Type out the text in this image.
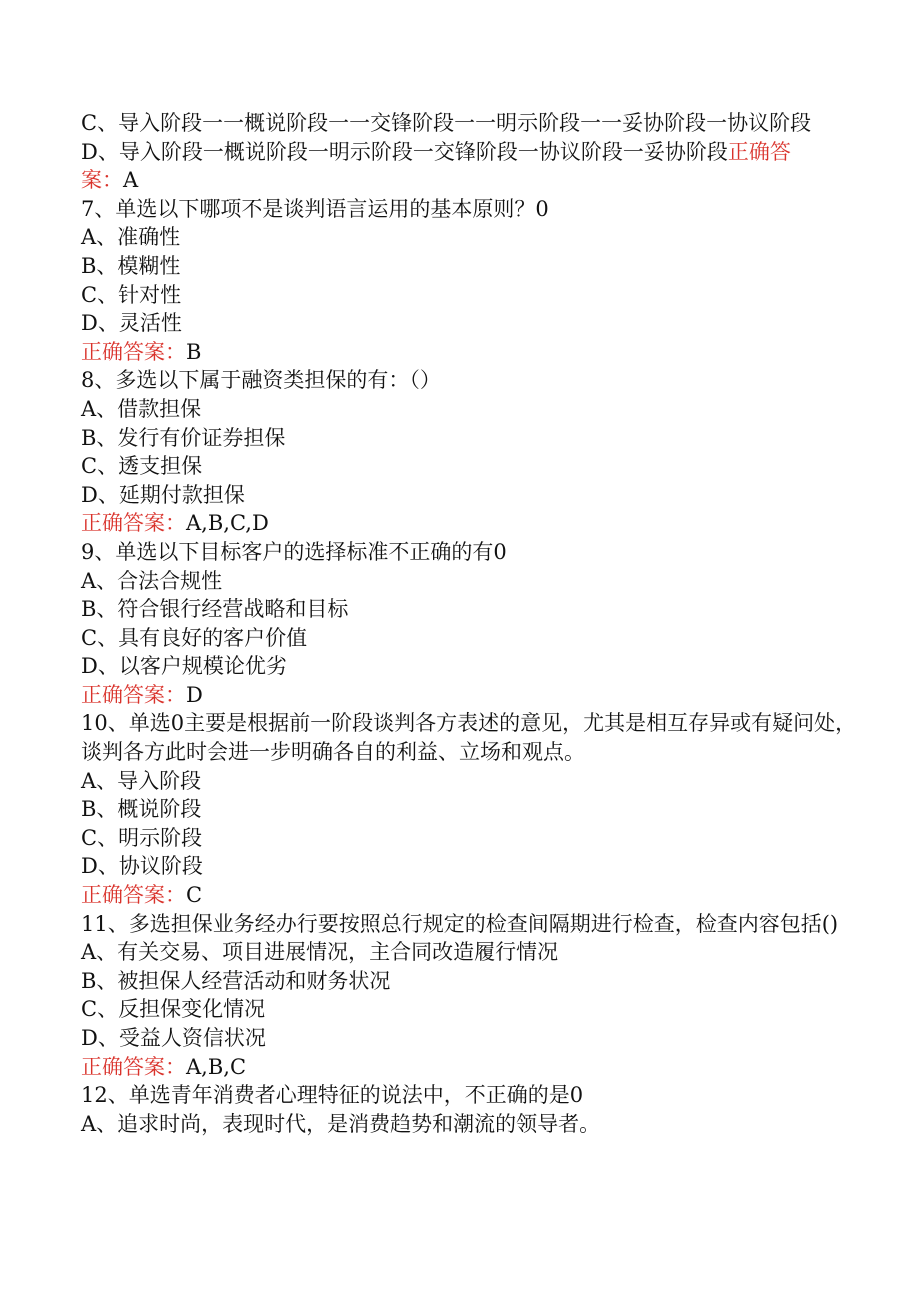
C、导入阶段一一概说阶段一一交锋阶段一一明示阶段一一妥协阶段一协议阶段
D、导入阶段一概说阶段一明示阶段一交锋阶段一协议阶段一妥协阶段正确答
案：A
7、单选以下哪项不是谈判语言运用的基本原则？0
A、准确性
B、模糊性
C、针对性
D、灵活性
正确答案：B
8、多选以下属于融资类担保的有：（）
A、借款担保
B、发行有价证券担保
C、透支担保
D、延期付款担保
正确答案：A,B,C,D
9、单选以下目标客户的选择标准不正确的有0
A、合法合规性
B、符合银行经营战略和目标
C、具有良好的客户价值
D、以客户规模论优劣
正确答案：D
10、单选0主要是根据前一阶段谈判各方表述的意见，尤其是相互存异或有疑问处，谈判各方此时会进一步明确各自的利益、立场和观点。
A、导入阶段
B、概说阶段
C、明示阶段
D、协议阶段
正确答案：C
11、多选担保业务经办行要按照总行规定的检查间隔期进行检查，检查内容包括()
A、有关交易、项目进展情况，主合同改造履行情况
B、被担保人经营活动和财务状况
C、反担保变化情况
D、受益人资信状况
正确答案：A,B,C
12、单选青年消费者心理特征的说法中，不正确的是0
A、追求时尚，表现时代，是消费趋势和潮流的领导者。
